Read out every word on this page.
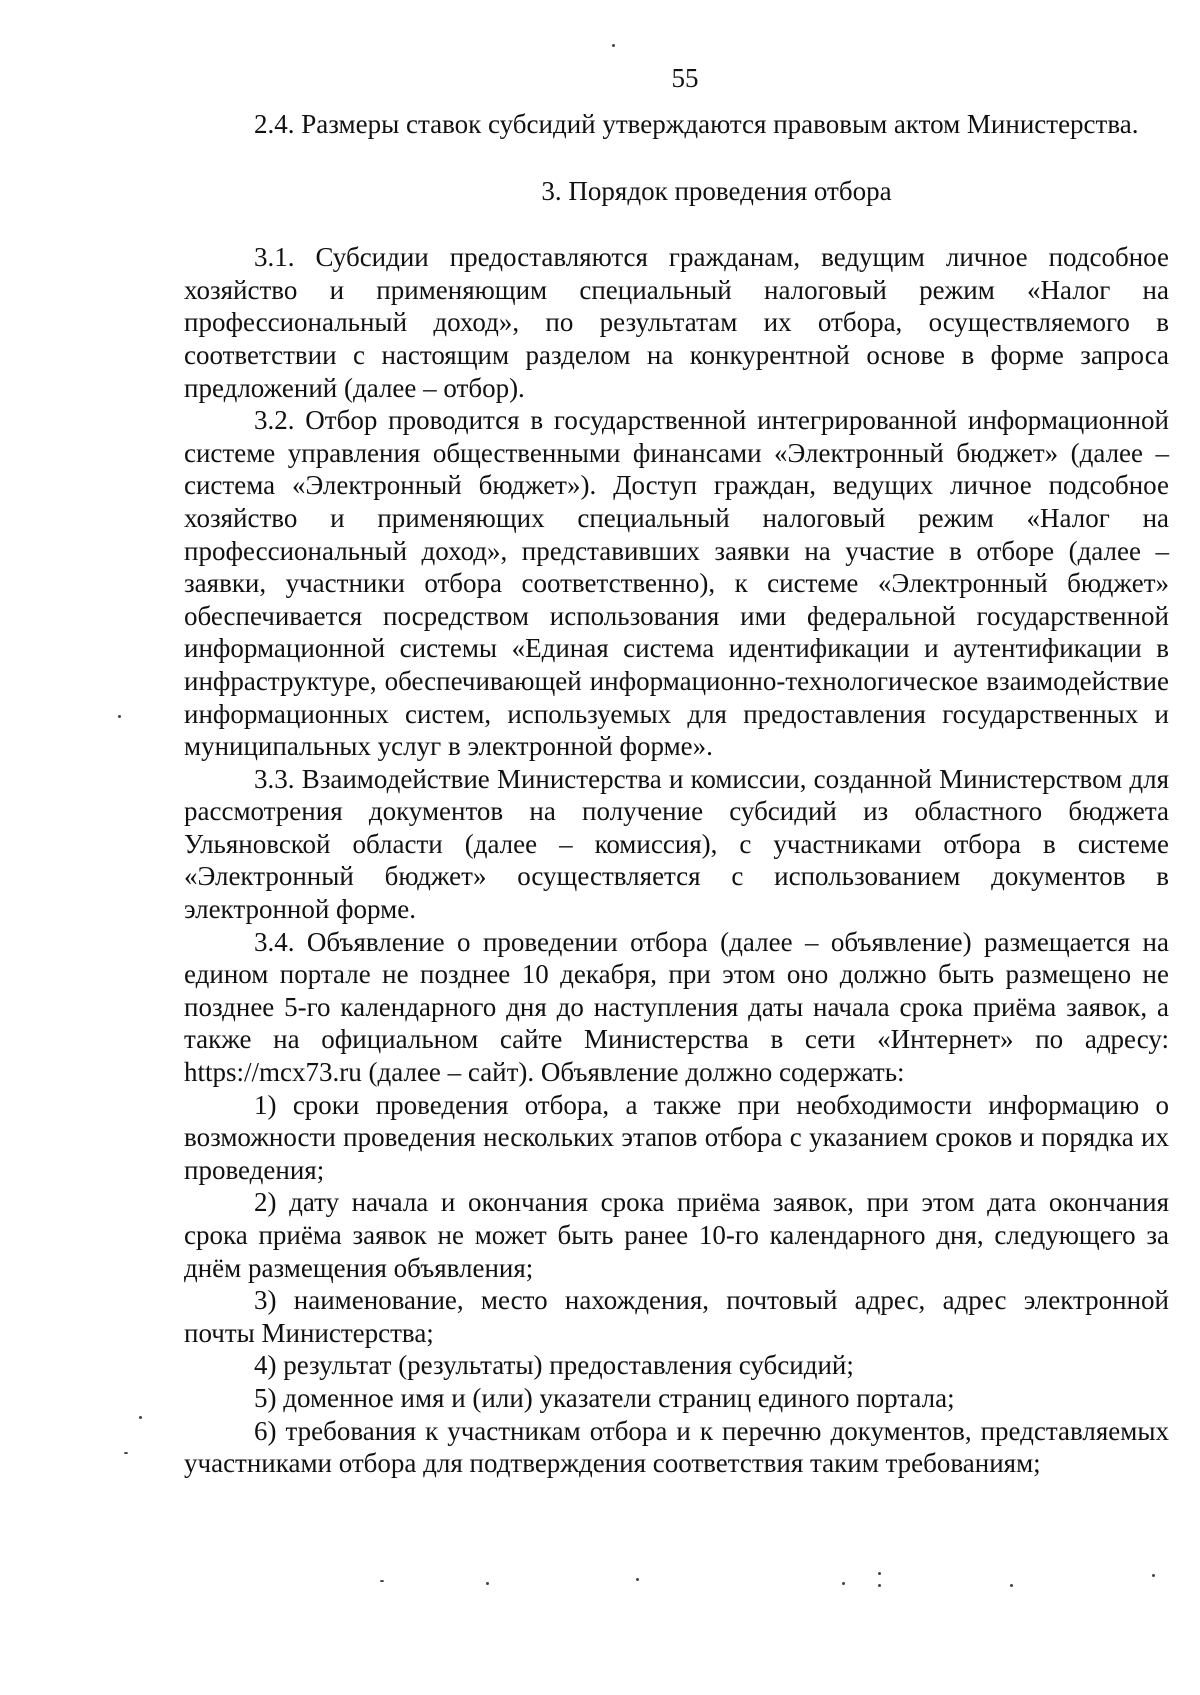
55

2.4. Размеры ставок субсидий утверждаются правовым актом Министерства.

3. Порядок проведения отбора

3.1. Субсидии предоставляются гражданам, ведущим личное подсобное хозяйство и применяющим специальный налоговый режим «Налог на профессиональный доход», по результатам их отбора, осуществляемого в соответствии с настоящим разделом на конкурентной основе в форме запроса предложений (далее – отбор).

3.2. Отбор проводится в государственной интегрированной информационной системе управления общественными финансами «Электронный бюджет» (далее – система «Электронный бюджет»). Доступ граждан, ведущих личное подсобное хозяйство и применяющих специальный налоговый режим «Налог на профессиональный доход», представивших заявки на участие в отборе (далее – заявки, участники отбора соответственно), к системе «Электронный бюджет» обеспечивается посредством использования ими федеральной государственной информационной системы «Единая система идентификации и аутентификации в инфраструктуре, обеспечивающей информационно-технологическое взаимодействие информационных систем, используемых для предоставления государственных и муниципальных услуг в электронной форме».

3.3. Взаимодействие Министерства и комиссии, созданной Министерством для рассмотрения документов на получение субсидий из областного бюджета Ульяновской области (далее – комиссия), с участниками отбора в системе «Электронный бюджет» осуществляется с использованием документов в электронной форме.

3.4. Объявление о проведении отбора (далее – объявление) размещается на едином портале не позднее 10 декабря, при этом оно должно быть размещено не позднее 5-го календарного дня до наступления даты начала срока приёма заявок, а также на официальном сайте Министерства в сети «Интернет» по адресу: https://mcx73.ru (далее – сайт). Объявление должно содержать:

1) сроки проведения отбора, а также при необходимости информацию о возможности проведения нескольких этапов отбора с указанием сроков и порядка их проведения;

2) дату начала и окончания срока приёма заявок, при этом дата окончания срока приёма заявок не может быть ранее 10-го календарного дня, следующего за днём размещения объявления;

3) наименование, место нахождения, почтовый адрес, адрес электронной почты Министерства;

4) результат (результаты) предоставления субсидий;

5) доменное имя и (или) указатели страниц единого портала;

6) требования к участникам отбора и к перечню документов, представляемых участниками отбора для подтверждения соответствия таким требованиям;
